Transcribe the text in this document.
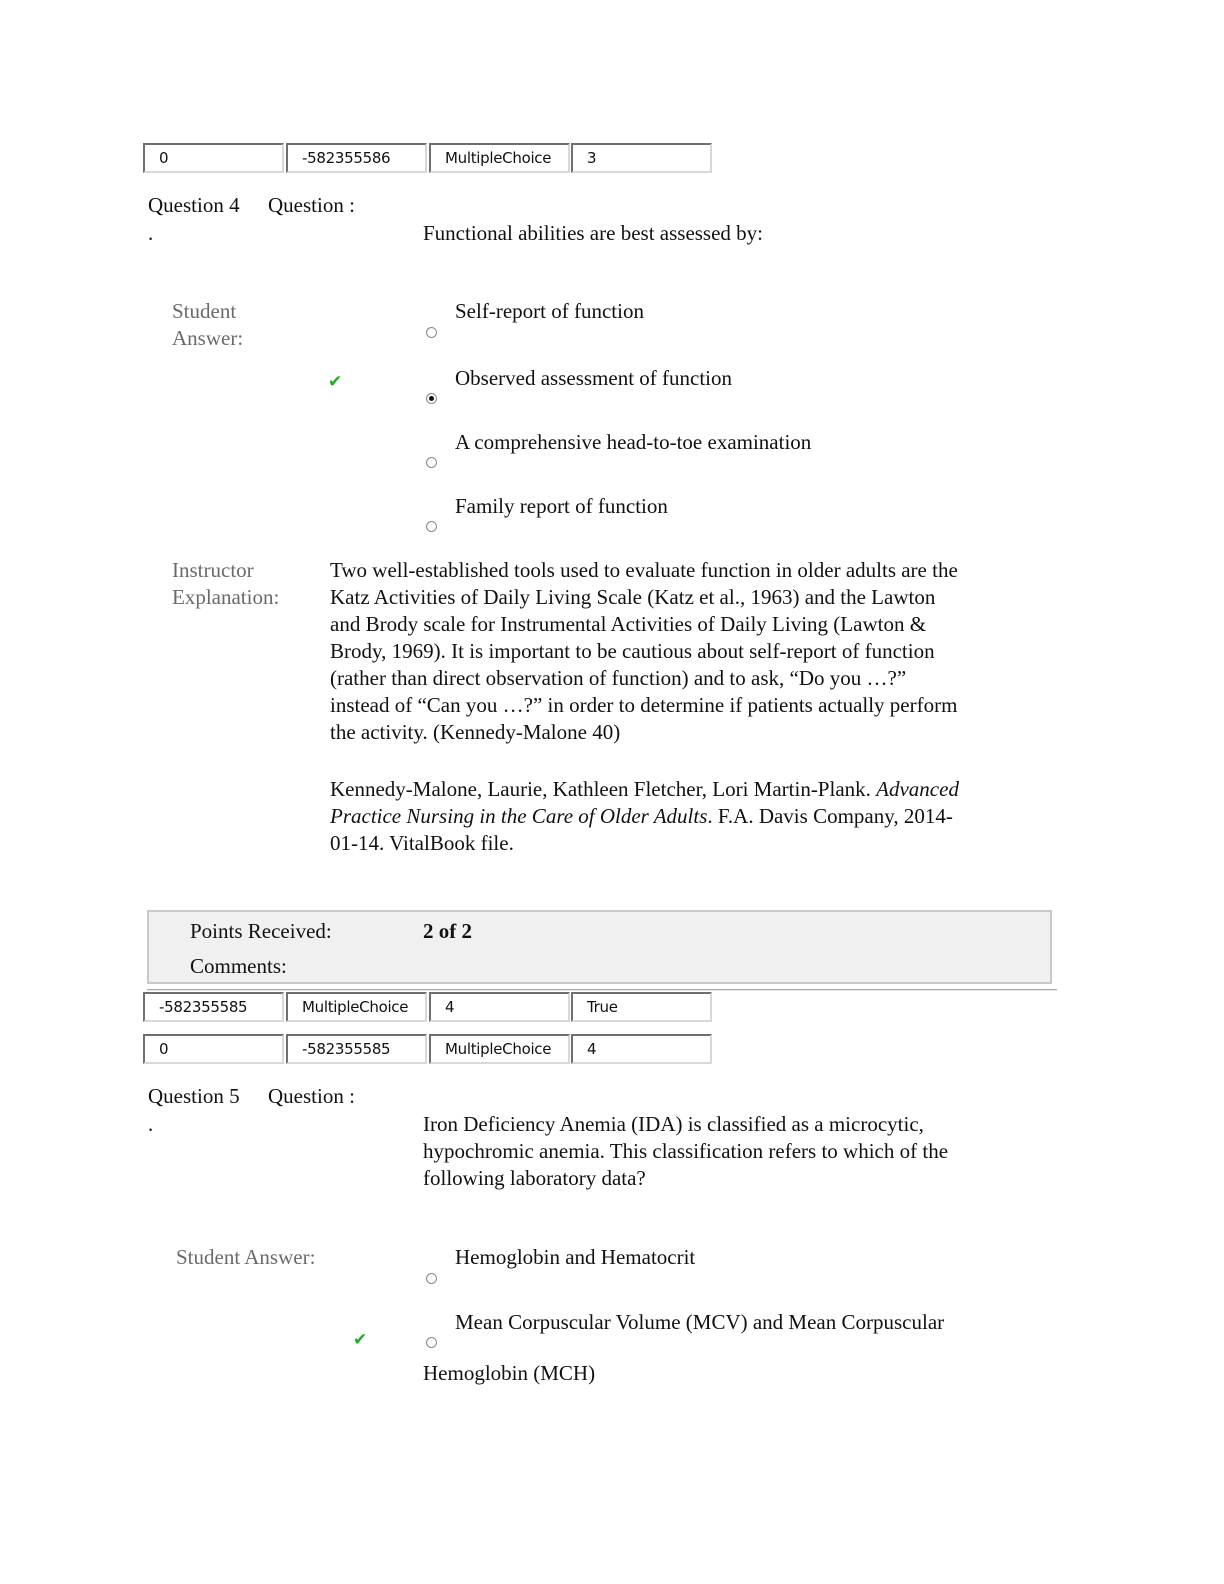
0	-582355586	MultipleChoice	3
Question 4 Question :
.	Functional abilities are best assessed by:
Student
Answer:
✔
Self-report of function
Observed assessment of function
A comprehensive head-to-toe examination
Family report of function
Instructor
Explanation:
Two well-established tools used to evaluate function in older adults are the
Katz Activities of Daily Living Scale (Katz et al., 1963) and the Lawton
and Brody scale for Instrumental Activities of Daily Living (Lawton &
Brody, 1969). It is important to be cautious about self-report of function
(rather than direct observation of function) and to ask, “Do you …?”
instead of “Can you …?” in order to determine if patients actually perform
the activity. (Kennedy-Malone 40)
Kennedy-Malone, Laurie, Kathleen Fletcher, Lori Martin-Plank. Advanced
Practice Nursing in the Care of Older Adults. F.A. Davis Company, 2014-
01-14. VitalBook file.
Points Received:	2 of 2
Comments:
-582355585	MultipleChoice	4	True
0	-582355585	MultipleChoice	4
Question 5 Question :
.	Iron Deficiency Anemia (IDA) is classified as a microcytic,
hypochromic anemia. This classification refers to which of the
following laboratory data?
Student Answer:	Hemoglobin and Hematocrit
✔
Mean Corpuscular Volume (MCV) and Mean Corpuscular
Hemoglobin (MCH)
